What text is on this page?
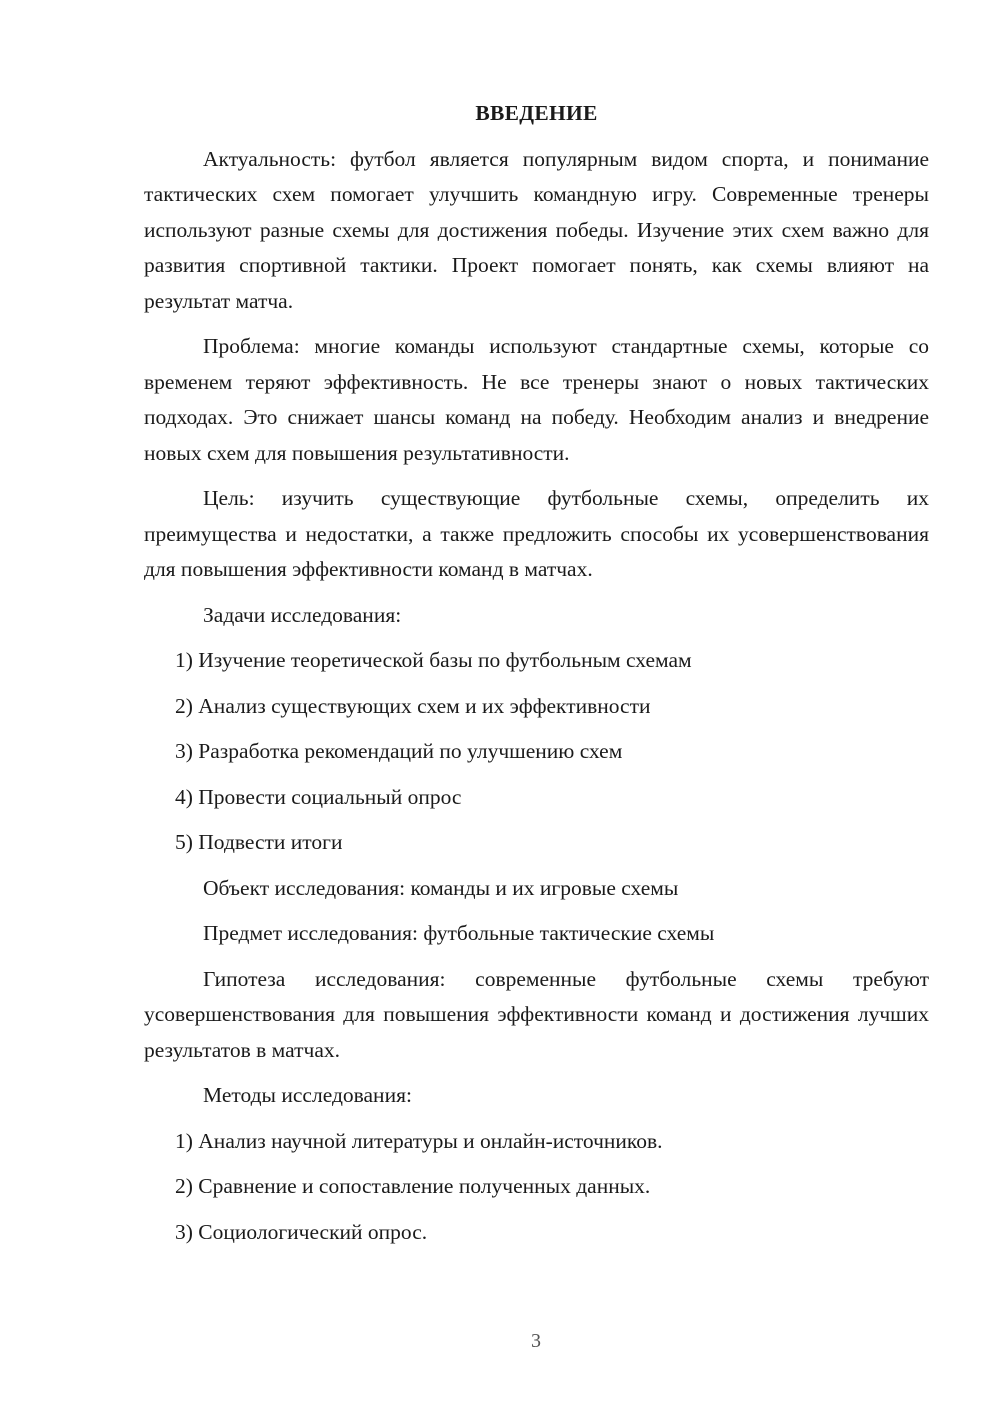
ВВЕДЕНИЕ

Актуальность: футбол является популярным видом спорта, и понимание тактических схем помогает улучшить командную игру. Современные тренеры используют разные схемы для достижения победы. Изучение этих схем важно для развития спортивной тактики. Проект помогает понять, как схемы влияют на результат матча.

Проблема: многие команды используют стандартные схемы, которые со временем теряют эффективность. Не все тренеры знают о новых тактических подходах. Это снижает шансы команд на победу. Необходим анализ и внедрение новых схем для повышения результативности.

Цель: изучить существующие футбольные схемы, определить их преимущества и недостатки, а также предложить способы их усовершенствования для повышения эффективности команд в матчах.

Задачи исследования:
1) Изучение теоретической базы по футбольным схемам
2) Анализ существующих схем и их эффективности
3) Разработка рекомендаций по улучшению схем
4) Провести социальный опрос
5) Подвести итоги
Объект исследования: команды и их игровые схемы
Предмет исследования: футбольные тактические схемы

Гипотеза исследования: современные футбольные схемы требуют усовершенствования для повышения эффективности команд и достижения лучших результатов в матчах.

Методы исследования:
1) Анализ научной литературы и онлайн-источников.
2) Сравнение и сопоставление полученных данных.
3) Социологический опрос.
3
